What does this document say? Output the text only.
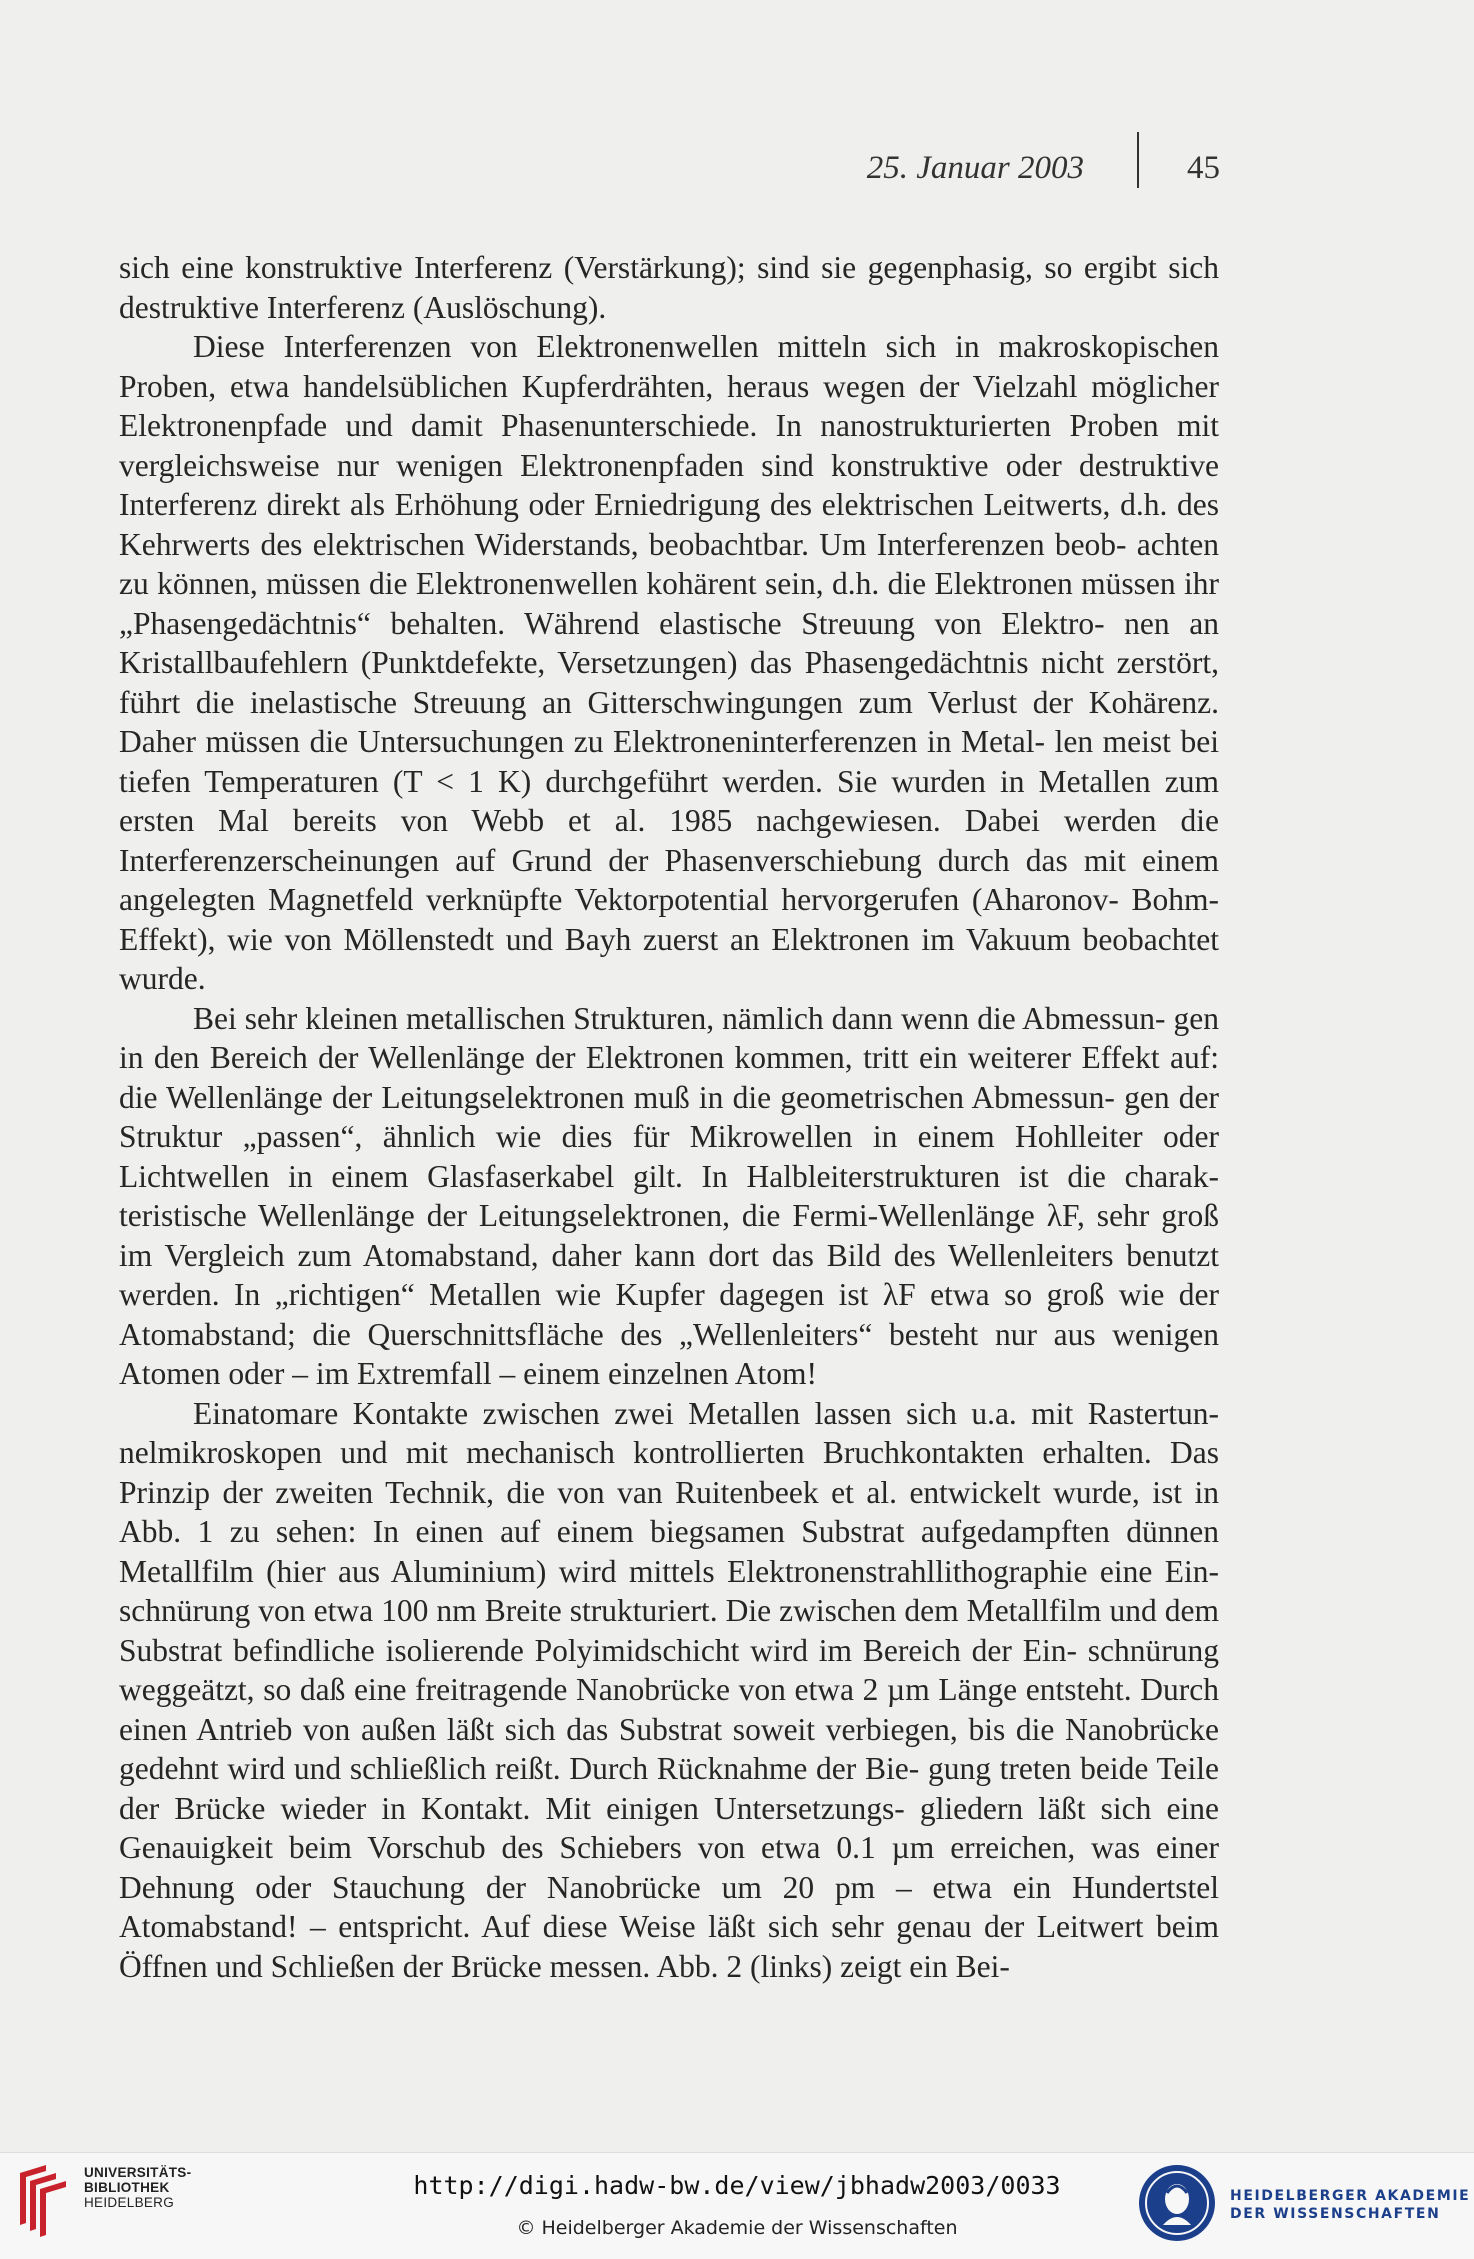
25. Januar 2003	45

sich eine konstruktive Interferenz (Verstärkung); sind sie gegenphasig, so ergibt sich destruktive Interferenz (Auslöschung).

Diese Interferenzen von Elektronenwellen mitteln sich in makroskopischen Proben, etwa handelsüblichen Kupferdrähten, heraus wegen der Vielzahl möglicher Elektronenpfade und damit Phasenunterschiede. In nanostrukturierten Proben mit vergleichsweise nur wenigen Elektronenpfaden sind konstruktive oder destruktive Interferenz direkt als Erhöhung oder Erniedrigung des elektrischen Leitwerts, d.h. des Kehrwerts des elektrischen Widerstands, beobachtbar. Um Interferenzen beob- achten zu können, müssen die Elektronenwellen kohärent sein, d.h. die Elektronen müssen ihr „Phasengedächtnis“ behalten. Während elastische Streuung von Elektro- nen an Kristallbaufehlern (Punktdefekte, Versetzungen) das Phasengedächtnis nicht zerstört, führt die inelastische Streuung an Gitterschwingungen zum Verlust der Kohärenz. Daher müssen die Untersuchungen zu Elektroneninterferenzen in Metal- len meist bei tiefen Temperaturen (T < 1 K) durchgeführt werden. Sie wurden in Metallen zum ersten Mal bereits von Webb et al. 1985 nachgewiesen. Dabei werden die Interferenzerscheinungen auf Grund der Phasenverschiebung durch das mit einem angelegten Magnetfeld verknüpfte Vektorpotential hervorgerufen (Aharonov- Bohm-Effekt), wie von Möllenstedt und Bayh zuerst an Elektronen im Vakuum beobachtet wurde.

Bei sehr kleinen metallischen Strukturen, nämlich dann wenn die Abmessun- gen in den Bereich der Wellenlänge der Elektronen kommen, tritt ein weiterer Effekt auf: die Wellenlänge der Leitungselektronen muß in die geometrischen Abmessun- gen der Struktur „passen“, ähnlich wie dies für Mikrowellen in einem Hohlleiter oder Lichtwellen in einem Glasfaserkabel gilt. In Halbleiterstrukturen ist die charak- teristische Wellenlänge der Leitungselektronen, die Fermi-Wellenlänge λF, sehr groß im Vergleich zum Atomabstand, daher kann dort das Bild des Wellenleiters benutzt werden. In „richtigen“ Metallen wie Kupfer dagegen ist λF etwa so groß wie der Atomabstand; die Querschnittsfläche des „Wellenleiters“ besteht nur aus wenigen Atomen oder – im Extremfall – einem einzelnen Atom!

Einatomare Kontakte zwischen zwei Metallen lassen sich u.a. mit Rastertun- nelmikroskopen und mit mechanisch kontrollierten Bruchkontakten erhalten. Das Prinzip der zweiten Technik, die von van Ruitenbeek et al. entwickelt wurde, ist in Abb. 1 zu sehen: In einen auf einem biegsamen Substrat aufgedampften dünnen Metallfilm (hier aus Aluminium) wird mittels Elektronenstrahllithographie eine Ein- schnürung von etwa 100 nm Breite strukturiert. Die zwischen dem Metallfilm und dem Substrat befindliche isolierende Polyimidschicht wird im Bereich der Ein- schnürung weggeätzt, so daß eine freitragende Nanobrücke von etwa 2 µm Länge entsteht. Durch einen Antrieb von außen läßt sich das Substrat soweit verbiegen, bis die Nanobrücke gedehnt wird und schließlich reißt. Durch Rücknahme der Bie- gung treten beide Teile der Brücke wieder in Kontakt. Mit einigen Untersetzungs- gliedern läßt sich eine Genauigkeit beim Vorschub des Schiebers von etwa 0.1 µm erreichen, was einer Dehnung oder Stauchung der Nanobrücke um 20 pm – etwa ein Hundertstel Atomabstand! – entspricht. Auf diese Weise läßt sich sehr genau der Leitwert beim Öffnen und Schließen der Brücke messen. Abb. 2 (links) zeigt ein Bei-

UNIVERSITÄTS-
BIBLIOTHEK
HEIDELBERG
http://digi.hadw-bw.de/view/jbhadw2003/0033
© Heidelberger Akademie der Wissenschaften
HEIDELBERGER AKADEMIE
DER WISSENSCHAFTEN
